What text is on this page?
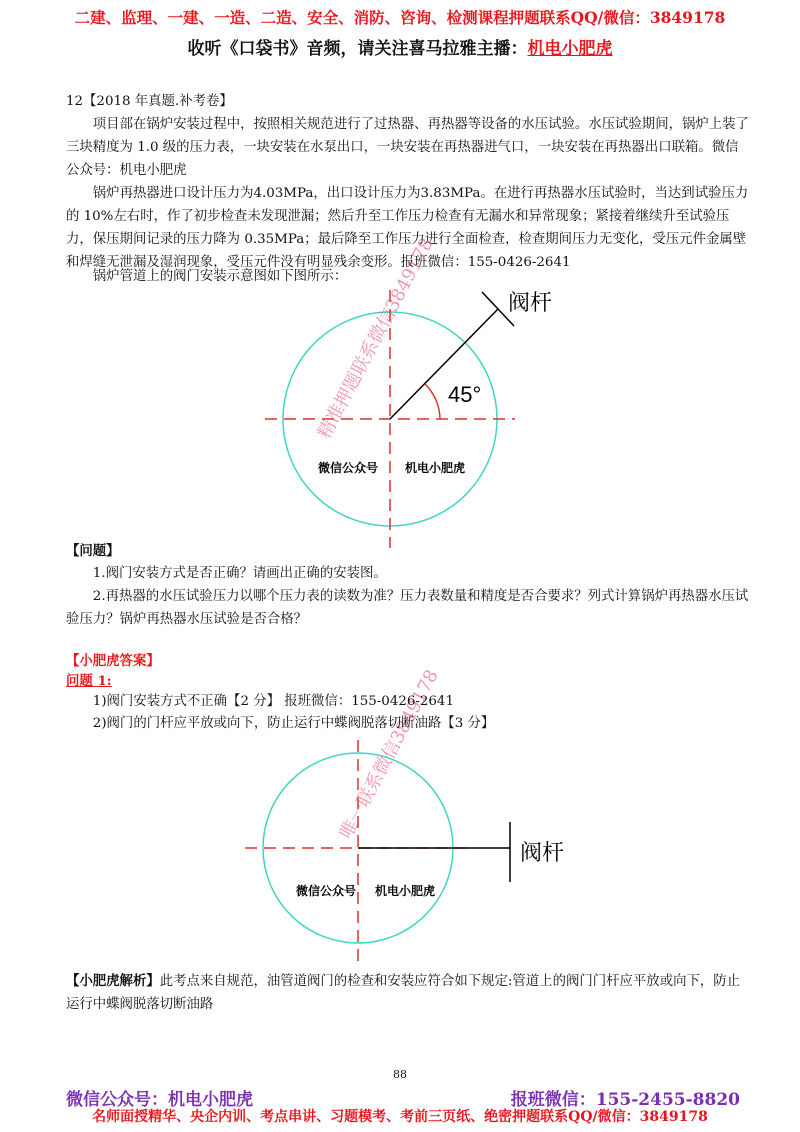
二建、监理、一建、一造、二造、安全、消防、咨询、检测课程押题联系QQ/微信：3849178
收听《口袋书》音频，请关注喜马拉雅主播：机电小肥虎
12【2018 年真题.补考卷】
项目部在锅炉安装过程中，按照相关规范进行了过热器、再热器等设备的水压试验。水压试验期间，锅炉上装了三块精度为 1.0 级的压力表，一块安装在水泵出口，一块安装在再热器进气口，一块安装在再热器出口联箱。微信公众号：机电小肥虎
锅炉再热器进口设计压力为4.03MPa，出口设计压力为3.83MPa。在进行再热器水压试验时，当达到试验压力的 10%左右时，作了初步检查未发现泄漏；然后升至工作压力检查有无漏水和异常现象；紧接着继续升至试验压力，保压期间记录的压力降为 0.35MPa；最后降至工作压力进行全面检查，检查期间压力无变化，受压元件金属壁和焊缝无泄漏及湿润现象，受压元件没有明显残余变形。报班微信：155-0426-2641
锅炉管道上的阀门安装示意图如下图所示：
45°
阀杆
微信公众号 机电小肥虎
精准押题联系微信3849178
阀杆
微信公众号 机电小肥虎
唯一联系微信3849178
【问题】
1.阀门安装方式是否正确？请画出正确的安装图。
2.再热器的水压试验压力以哪个压力表的读数为准？压力表数量和精度是否合要求？列式计算锅炉再热器水压试验压力？锅炉再热器水压试验是否合格？
【小肥虎答案】
问题 1:
1)阀门安装方式不正确【2 分】 报班微信：155-0426-2641
2)阀门的门杆应平放或向下，防止运行中蝶阀脱落切断油路【3 分】
【小肥虎解析】此考点来自规范，油管道阀门的检查和安装应符合如下规定:管道上的阀门门杆应平放或向下，防止运行中蝶阀脱落切断油路
88
微信公众号：机电小肥虎	报班微信：155-2455-8820
名师面授精华、央企内训、考点串讲、习题模考、考前三页纸、绝密押题联系QQ/微信：3849178
